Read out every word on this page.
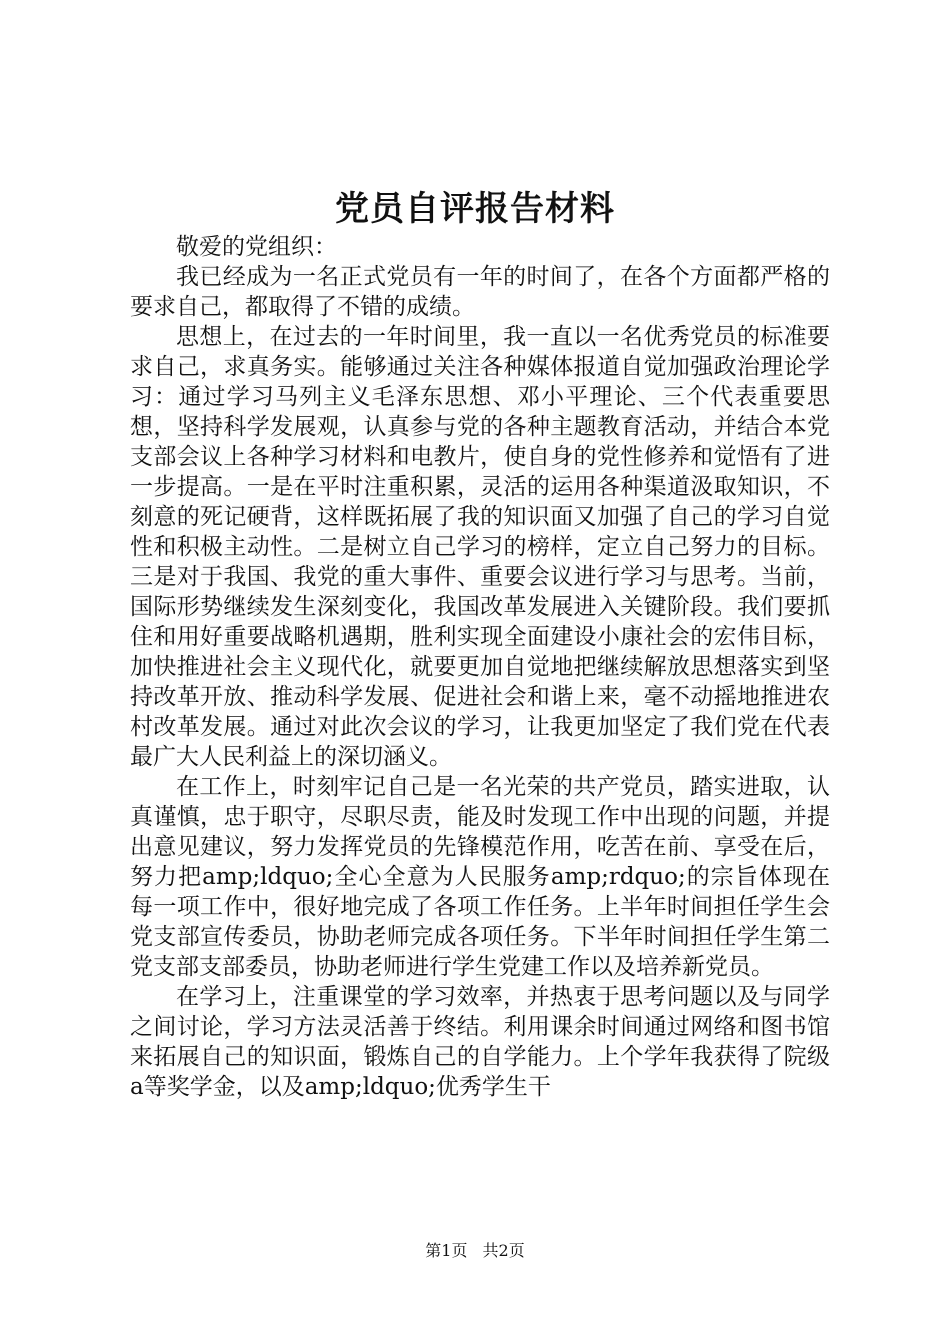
党员自评报告材料

敬爱的党组织：

我已经成为一名正式党员有一年的时间了，在各个方面都严格的要求自己，都取得了不错的成绩。

思想上，在过去的一年时间里，我一直以一名优秀党员的标准要求自己，求真务实。能够通过关注各种媒体报道自觉加强政治理论学习：通过学习马列主义毛泽东思想、邓小平理论、三个代表重要思想，坚持科学发展观，认真参与党的各种主题教育活动，并结合本党支部会议上各种学习材料和电教片，使自身的党性修养和觉悟有了进一步提高。一是在平时注重积累，灵活的运用各种渠道汲取知识，不刻意的死记硬背，这样既拓展了我的知识面又加强了自己的学习自觉性和积极主动性。二是树立自己学习的榜样，定立自己努力的目标。三是对于我国、我党的重大事件、重要会议进行学习与思考。当前，国际形势继续发生深刻变化，我国改革发展进入关键阶段。我们要抓住和用好重要战略机遇期，胜利实现全面建设小康社会的宏伟目标，加快推进社会主义现代化，就要更加自觉地把继续解放思想落实到坚持改革开放、推动科学发展、促进社会和谐上来，毫不动摇地推进农村改革发展。通过对此次会议的学习，让我更加坚定了我们党在代表最广大人民利益上的深切涵义。

在工作上，时刻牢记自己是一名光荣的共产党员，踏实进取，认真谨慎，忠于职守，尽职尽责，能及时发现工作中出现的问题，并提出意见建议，努力发挥党员的先锋模范作用，吃苦在前、享受在后，努力把amp;ldquo;全心全意为人民服务amp;rdquo;的宗旨体现在每一项工作中，很好地完成了各项工作任务。上半年时间担任学生会党支部宣传委员，协助老师完成各项任务。下半年时间担任学生第二党支部支部委员，协助老师进行学生党建工作以及培养新党员。

在学习上，注重课堂的学习效率，并热衷于思考问题以及与同学之间讨论，学习方法灵活善于终结。利用课余时间通过网络和图书馆来拓展自己的知识面，锻炼自己的自学能力。上个学年我获得了院级a等奖学金，以及amp;ldquo;优秀学生干

第1页 共2页
